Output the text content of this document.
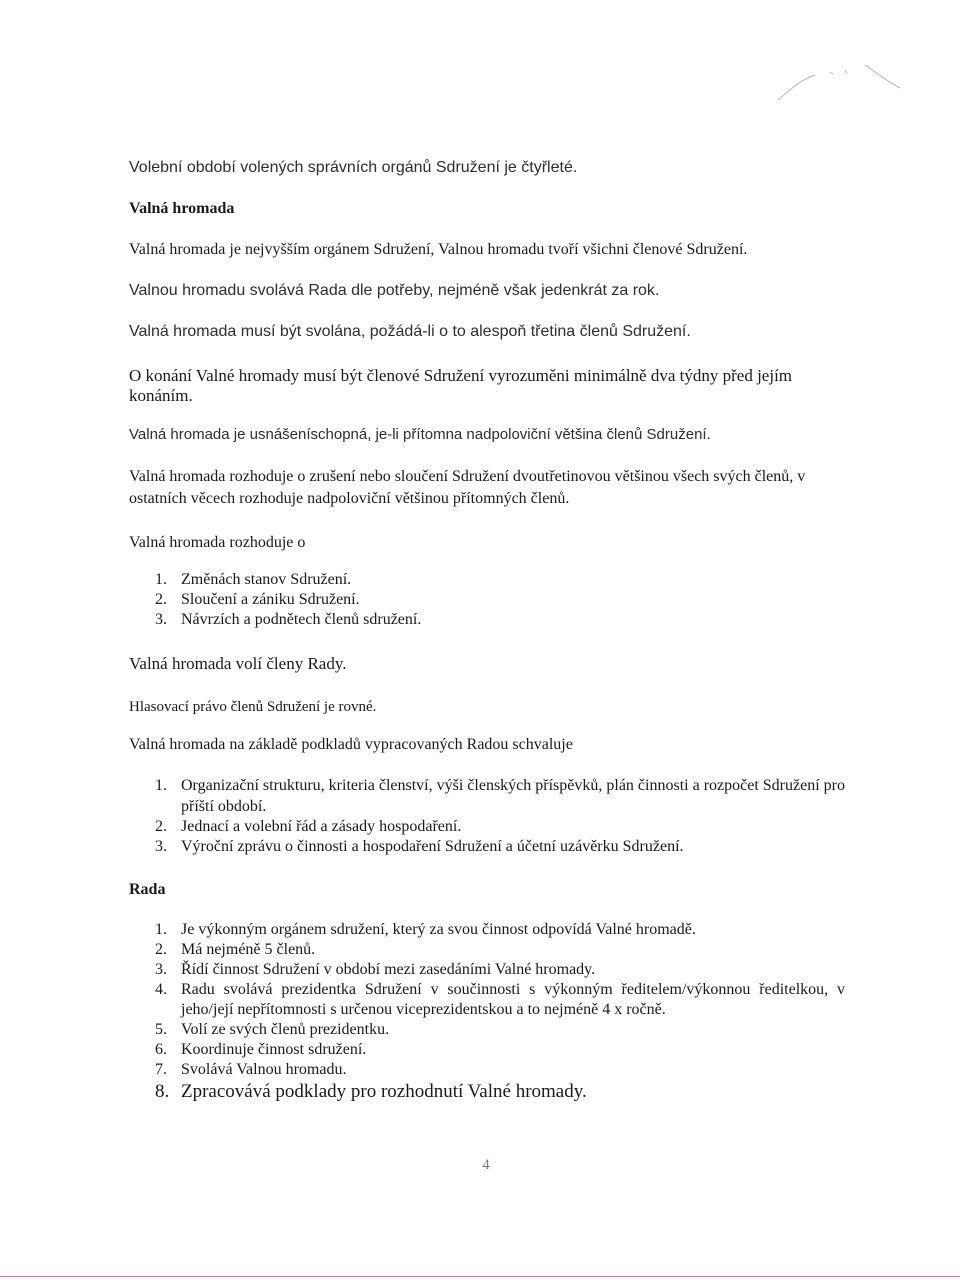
Volební období volených správních orgánů Sdružení je čtyřleté.

Valná hromada

Valná hromada je nejvyšším orgánem Sdružení, Valnou hromadu tvoří všichni členové Sdružení.

Valnou hromadu svolává Rada dle potřeby, nejméně však jedenkrát za rok.

Valná hromada musí být svolána, požádá-li o to alespoň třetina členů Sdružení.

O konání Valné hromady musí být členové Sdružení vyrozuměni minimálně dva týdny před jejím konáním.

Valná hromada je usnášeníschopná, je-li přítomna nadpoloviční většina členů Sdružení.

Valná hromada rozhoduje o zrušení nebo sloučení Sdružení dvoutřetinovou většinou všech svých členů, v ostatních věcech rozhoduje nadpoloviční většinou přítomných členů.

Valná hromada rozhoduje o

1. Změnách stanov Sdružení.
2. Sloučení a zániku Sdružení.
3. Návrzích a podnětech členů sdružení.

Valná hromada volí členy Rady.

Hlasovací právo členů Sdružení je rovné.

Valná hromada na základě podkladů vypracovaných Radou schvaluje

1. Organizační strukturu, kriteria členství, výši členských příspěvků, plán činnosti a rozpočet Sdružení pro příští období.
2. Jednací a volební řád a zásady hospodaření.
3. Výroční zprávu o činnosti a hospodaření Sdružení a účetní uzávěrku Sdružení.

Rada

1. Je výkonným orgánem sdružení, který za svou činnost odpovídá Valné hromadě.
2. Má nejméně 5 členů.
3. Řídí činnost Sdružení v období mezi zasedáními Valné hromady.
4. Radu svolává prezidentka Sdružení v součinnosti s výkonným ředitelem/výkonnou ředitelkou, v jeho/její nepřítomnosti s určenou viceprezidentskou a to nejméně 4 x ročně.
5. Volí ze svých členů prezidentku.
6. Koordinuje činnost sdružení.
7. Svolává Valnou hromadu.
8. Zpracovává podklady pro rozhodnutí Valné hromady.
4
